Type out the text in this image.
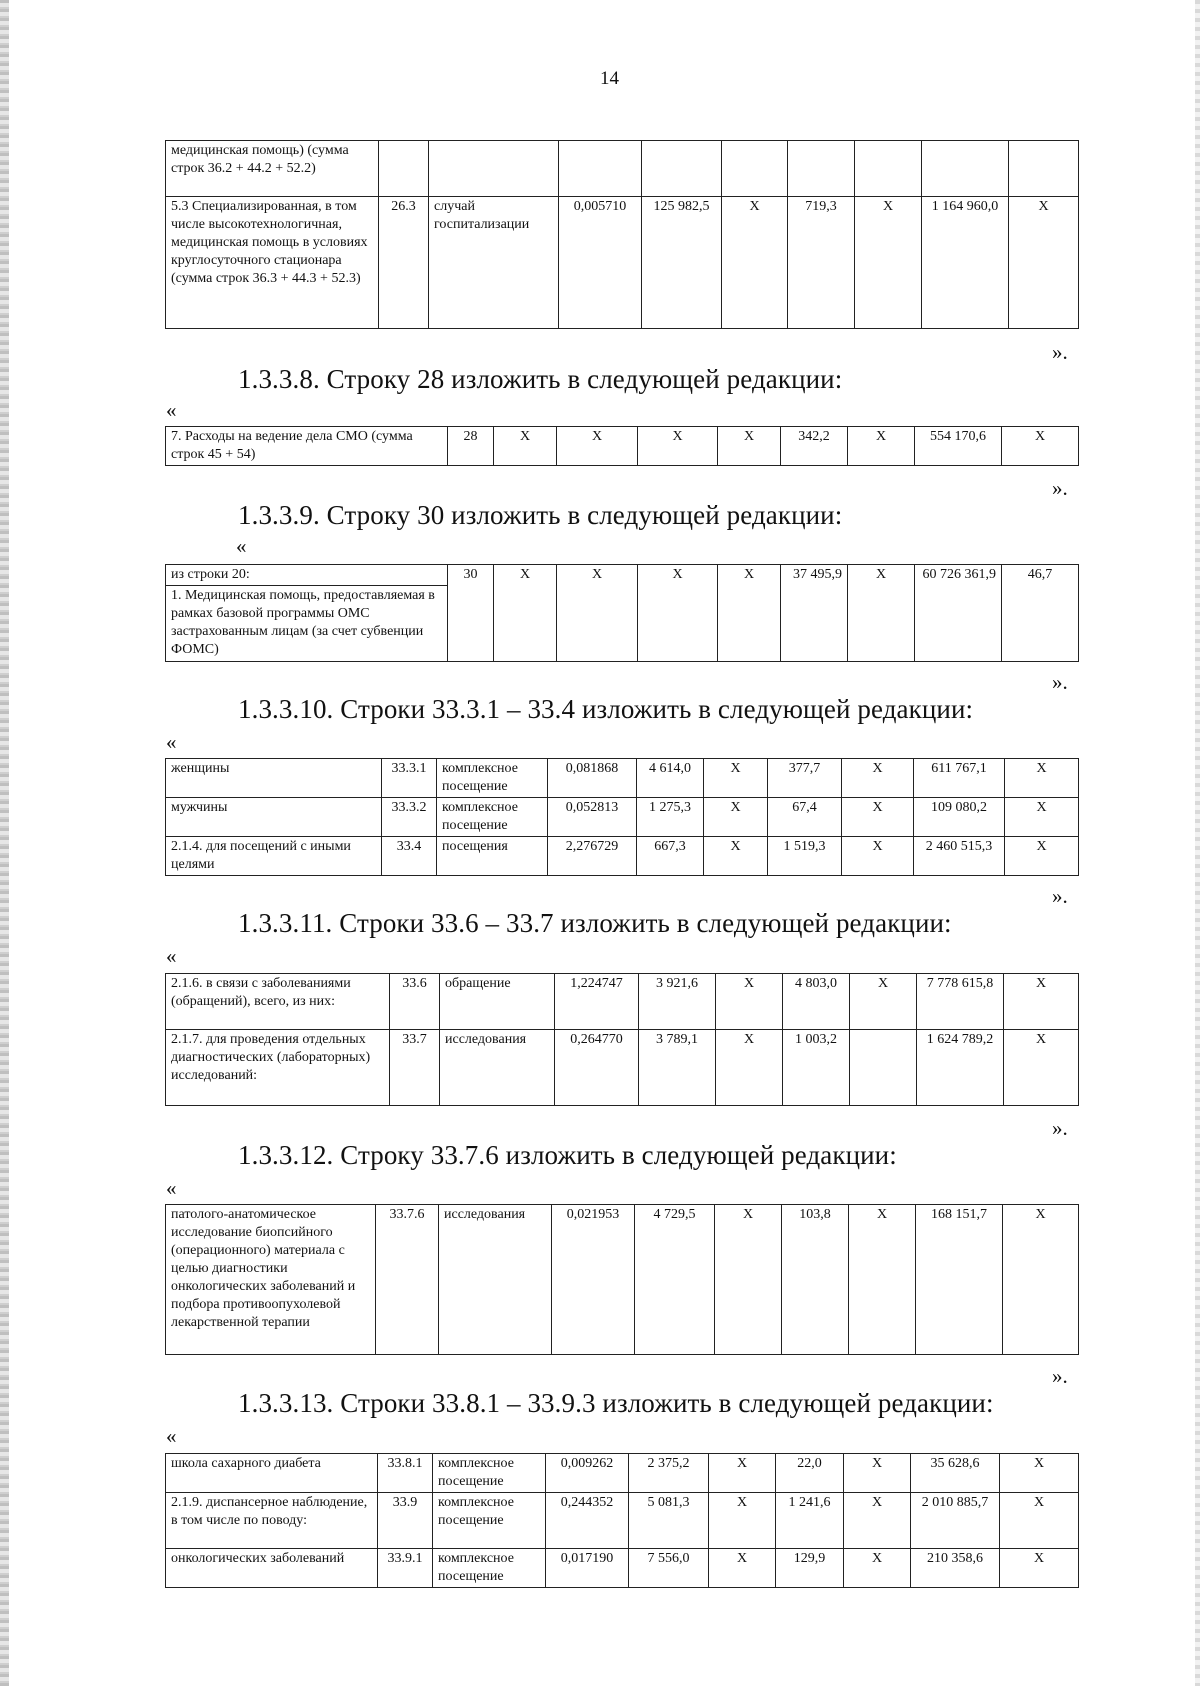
14
медицинская помощь) (сумма строк 36.2 + 44.2 + 52.2)									
5.3 Специализированная, в том числе высокотехнологичная, медицинская помощь в условиях круглосуточного стационара (сумма строк 36.3 + 44.3 + 52.3)	26.3	случай госпитализации	0,005710	125 982,5	X	719,3	X	1 164 960,0	X
».
1.3.3.8. Строку 28 изложить в следующей редакции:
«
7. Расходы на ведение дела СМО (сумма строк 45 + 54)	28	X	X	X	X	342,2	X	554 170,6	X
».
1.3.3.9. Строку 30 изложить в следующей редакции:
«
из строки 20:	30	X	X	X	X	37 495,9	X	60 726 361,9	46,7
1. Медицинская помощь, предоставляемая в рамках базовой программы ОМС застрахованным лицам (за счет субвенции ФОМС)
».
1.3.3.10. Строки 33.3.1 – 33.4 изложить в следующей редакции:
«
женщины	33.3.1	комплексное посещение	0,081868	4 614,0	X	377,7	X	611 767,1	X
мужчины	33.3.2	комплексное посещение	0,052813	1 275,3	X	67,4	X	109 080,2	X
2.1.4. для посещений с иными целями	33.4	посещения	2,276729	667,3	X	1 519,3	X	2 460 515,3	X
».
1.3.3.11. Строки 33.6 – 33.7 изложить в следующей редакции:
«
2.1.6. в связи с заболеваниями (обращений), всего, из них:	33.6	обращение	1,224747	3 921,6	X	4 803,0	X	7 778 615,8	X
2.1.7. для проведения отдельных диагностических (лабораторных) исследований:	33.7	исследования	0,264770	3 789,1	X	1 003,2		1 624 789,2	X
».
1.3.3.12. Строку 33.7.6 изложить в следующей редакции:
«
патолого-анатомическое исследование биопсийного (операционного) материала с целью диагностики онкологических заболеваний и подбора противоопухолевой лекарственной терапии	33.7.6	исследования	0,021953	4 729,5	X	103,8	X	168 151,7	X
».
1.3.3.13. Строки 33.8.1 – 33.9.3 изложить в следующей редакции:
«
школа сахарного диабета	33.8.1	комплексное посещение	0,009262	2 375,2	X	22,0	X	35 628,6	X
2.1.9. диспансерное наблюдение, в том числе по поводу:	33.9	комплексное посещение	0,244352	5 081,3	X	1 241,6	X	2 010 885,7	X
онкологических заболеваний	33.9.1	комплексное посещение	0,017190	7 556,0	X	129,9	X	210 358,6	X
